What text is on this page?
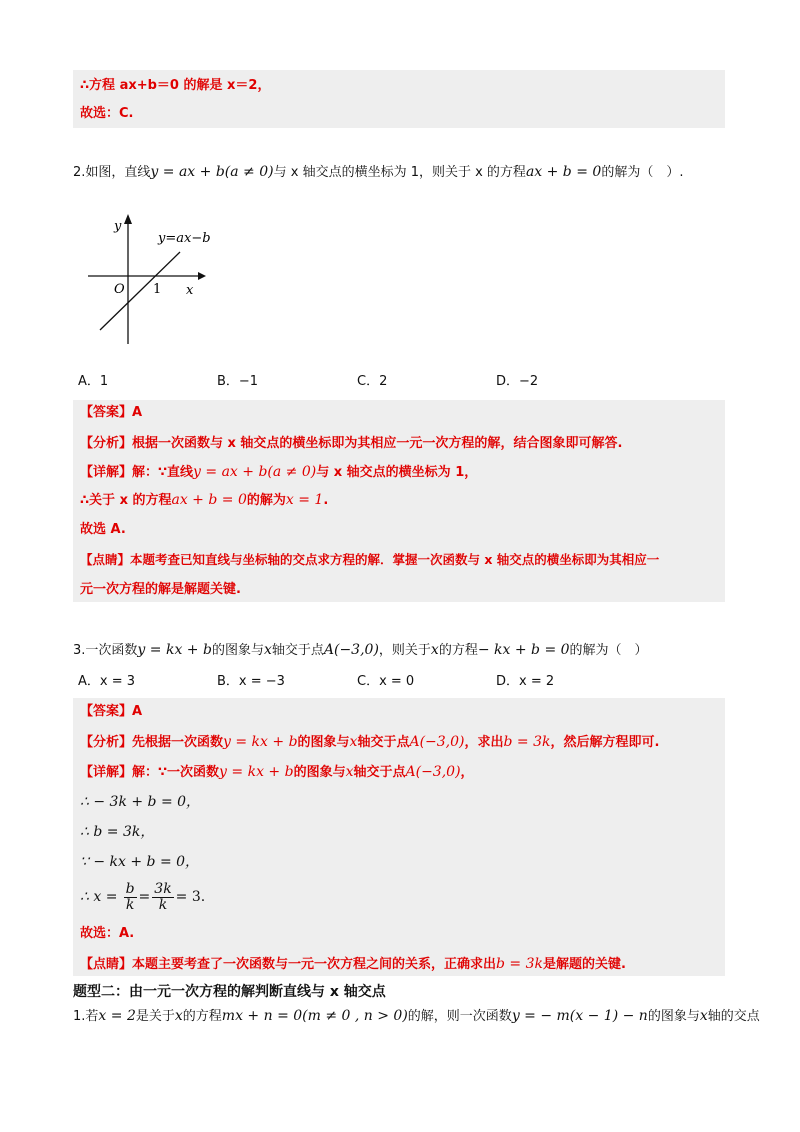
∴方程 ax+b＝0 的解是 x＝2，
故选：C.
2.如图，直线y = ax + b(a ≠ 0)与 x 轴交点的横坐标为 1，则关于 x 的方程ax + b = 0的解为（　）.
y
x
O 1
y=ax−b
A．1	B．−1	C．2	D．−2
【答案】A
【分析】根据一次函数与 x 轴交点的横坐标即为其相应一元一次方程的解，结合图象即可解答.
【详解】解：∵直线y = ax + b(a ≠ 0)与 x 轴交点的横坐标为 1，
∴关于 x 的方程ax + b = 0的解为x = 1.
故选 A.
【点睛】本题考查已知直线与坐标轴的交点求方程的解．掌握一次函数与 x 轴交点的横坐标即为其相应一
元一次方程的解是解题关键.
3.一次函数y = kx + b的图象与x轴交于点A(−3,0)，则关于x的方程− kx + b = 0的解为（　）
A．x = 3	B．x = −3	C．x = 0	D．x = 2
【答案】A
【分析】先根据一次函数y = kx + b的图象与x轴交于点A(−3,0)，求出b = 3k，然后解方程即可.
【详解】解：∵一次函数y = kx + b的图象与x轴交于点A(−3,0)，
∴ − 3k + b = 0，
∴ b = 3k，
∵ − kx + b = 0，
∴ $x = \frac{b}{k} = \frac{3k}{k} = 3$.
故选：A.
【点睛】本题主要考查了一次函数与一元一次方程之间的关系，正确求出b = 3k是解题的关键.
题型二：由一元一次方程的解判断直线与 x 轴交点
1.若x = 2是关于x的方程mx + n = 0(m ≠ 0 , n > 0)的解，则一次函数y = − m(x − 1) − n的图象与x轴的交点
